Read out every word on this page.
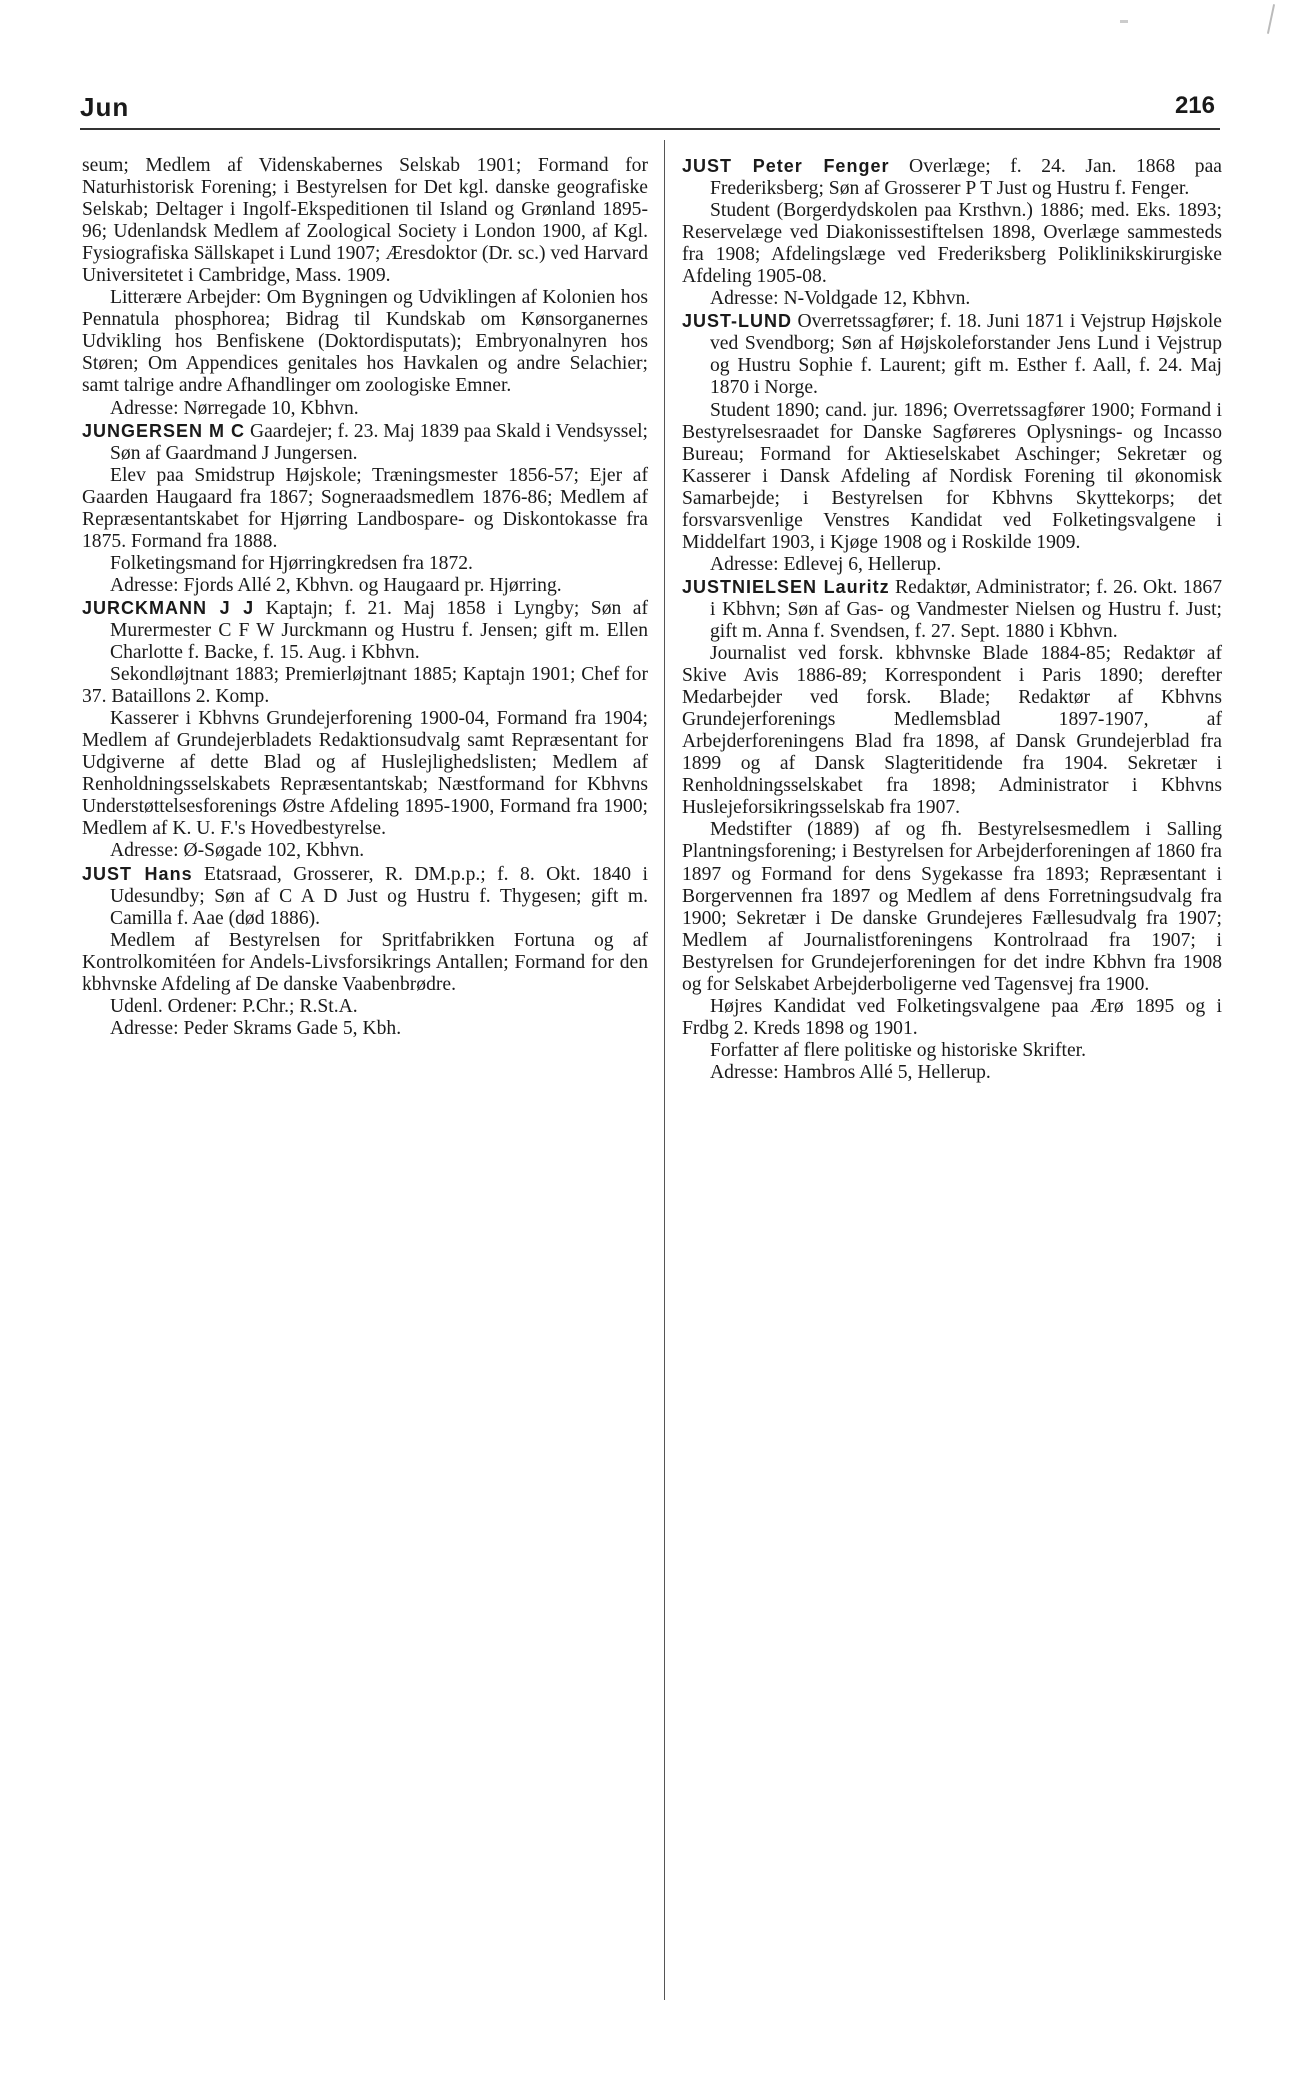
Jun	216

seum; Medlem af Videnskabernes Selskab 1901; Formand for Naturhistorisk Forening; i Bestyrelsen for Det kgl. danske geografiske Selskab; Deltager i Ingolf-Ekspeditionen til Island og Grønland 1895-96; Udenlandsk Medlem af Zoological Society i London 1900, af Kgl. Fysiografiska Sällskapet i Lund 1907; Æresdoktor (Dr. sc.) ved Harvard Universitetet i Cambridge, Mass. 1909.

Litterære Arbejder: Om Bygningen og Udviklingen af Kolonien hos Pennatula phosphorea; Bidrag til Kundskab om Kønsorganernes Udvikling hos Benfiskene (Doktordisputats); Embryonalnyren hos Støren; Om Appendices genitales hos Havkalen og andre Selachier; samt talrige andre Afhandlinger om zoologiske Emner.

Adresse: Nørregade 10, Kbhvn.

JUNGERSEN M C Gaardejer; f. 23. Maj 1839 paa Skald i Vendsyssel; Søn af Gaardmand J Jungersen.

Elev paa Smidstrup Højskole; Træningsmester 1856-57; Ejer af Gaarden Haugaard fra 1867; Sogneraadsmedlem 1876-86; Medlem af Repræsentantskabet for Hjørring Landbospare- og Diskontokasse fra 1875. Formand fra 1888.

Folketingsmand for Hjørringkredsen fra 1872.

Adresse: Fjords Allé 2, Kbhvn. og Haugaard pr. Hjørring.

JURCKMANN J J Kaptajn; f. 21. Maj 1858 i Lyngby; Søn af Murermester C F W Jurckmann og Hustru f. Jensen; gift m. Ellen Charlotte f. Backe, f. 15. Aug. i Kbhvn.

Sekondløjtnant 1883; Premierløjtnant 1885; Kaptajn 1901; Chef for 37. Bataillons 2. Komp.

Kasserer i Kbhvns Grundejerforening 1900-04, Formand fra 1904; Medlem af Grundejerbladets Redaktionsudvalg samt Repræsentant for Udgiverne af dette Blad og af Huslejlighedslisten; Medlem af Renholdningsselskabets Repræsentantskab; Næstformand for Kbhvns Understøttelsesforenings Østre Afdeling 1895-1900, Formand fra 1900; Medlem af K. U. F.'s Hovedbestyrelse.

Adresse: Ø-Søgade 102, Kbhvn.

JUST Hans Etatsraad, Grosserer, R. DM.p.p.; f. 8. Okt. 1840 i Udesundby; Søn af C A D Just og Hustru f. Thygesen; gift m. Camilla f. Aae (død 1886).

Medlem af Bestyrelsen for Spritfabrikken Fortuna og af Kontrolkomitéen for Andels-Livsforsikrings Antallen; Formand for den kbhvnske Afdeling af De danske Vaabenbrødre.

Udenl. Ordener: P.Chr.; R.St.A.

Adresse: Peder Skrams Gade 5, Kbh.

JUST Peter Fenger Overlæge; f. 24. Jan. 1868 paa Frederiksberg; Søn af Grosserer P T Just og Hustru f. Fenger.

Student (Borgerdydskolen paa Krsthvn.) 1886; med. Eks. 1893; Reservelæge ved Diakonissestiftelsen 1898, Overlæge sammesteds fra 1908; Afdelingslæge ved Frederiksberg Poliklinikskirurgiske Afdeling 1905-08.

Adresse: N-Voldgade 12, Kbhvn.

JUST-LUND Overretssagfører; f. 18. Juni 1871 i Vejstrup Højskole ved Svendborg; Søn af Højskoleforstander Jens Lund i Vejstrup og Hustru Sophie f. Laurent; gift m. Esther f. Aall, f. 24. Maj 1870 i Norge.

Student 1890; cand. jur. 1896; Overretssagfører 1900; Formand i Bestyrelsesraadet for Danske Sagføreres Oplysnings- og Incasso Bureau; Formand for Aktieselskabet Aschinger; Sekretær og Kasserer i Dansk Afdeling af Nordisk Forening til økonomisk Samarbejde; i Bestyrelsen for Kbhvns Skyttekorps; det forsvarsvenlige Venstres Kandidat ved Folketingsvalgene i Middelfart 1903, i Kjøge 1908 og i Roskilde 1909.

Adresse: Edlevej 6, Hellerup.

JUSTNIELSEN Lauritz Redaktør, Administrator; f. 26. Okt. 1867 i Kbhvn; Søn af Gas- og Vandmester Nielsen og Hustru f. Just; gift m. Anna f. Svendsen, f. 27. Sept. 1880 i Kbhvn.

Journalist ved forsk. kbhvnske Blade 1884-85; Redaktør af Skive Avis 1886-89; Korrespondent i Paris 1890; derefter Medarbejder ved forsk. Blade; Redaktør af Kbhvns Grundejerforenings Medlemsblad 1897-1907, af Arbejderforeningens Blad fra 1898, af Dansk Grundejerblad fra 1899 og af Dansk Slagteritidende fra 1904. Sekretær i Renholdningsselskabet fra 1898; Administrator i Kbhvns Huslejeforsikringsselskab fra 1907.

Medstifter (1889) af og fh. Bestyrelsesmedlem i Salling Plantningsforening; i Bestyrelsen for Arbejderforeningen af 1860 fra 1897 og Formand for dens Sygekasse fra 1893; Repræsentant i Borgervennen fra 1897 og Medlem af dens Forretningsudvalg fra 1900; Sekretær i De danske Grundejeres Fællesudvalg fra 1907; Medlem af Journalistforeningens Kontrolraad fra 1907; i Bestyrelsen for Grundejerforeningen for det indre Kbhvn fra 1908 og for Selskabet Arbejderboligerne ved Tagensvej fra 1900.

Højres Kandidat ved Folketingsvalgene paa Ærø 1895 og i Frdbg 2. Kreds 1898 og 1901.

Forfatter af flere politiske og historiske Skrifter.

Adresse: Hambros Allé 5, Hellerup.
